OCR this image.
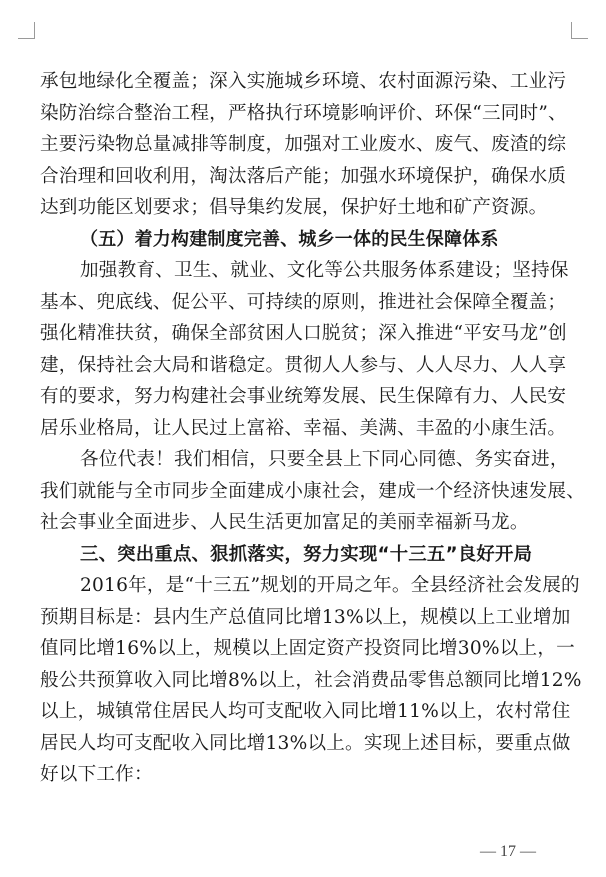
承包地绿化全覆盖；深入实施城乡环境、农村面源污染、工业污
染防治综合整治工程，严格执行环境影响评价、环保“三同时”、
主要污染物总量减排等制度，加强对工业废水、废气、废渣的综
合治理和回收利用，淘汰落后产能；加强水环境保护，确保水质
达到功能区划要求；倡导集约发展，保护好土地和矿产资源。
（五）着力构建制度完善、城乡一体的民生保障体系
加强教育、卫生、就业、文化等公共服务体系建设；坚持保
基本、兜底线、促公平、可持续的原则，推进社会保障全覆盖；
强化精准扶贫，确保全部贫困人口脱贫；深入推进“平安马龙”创
建，保持社会大局和谐稳定。贯彻人人参与、人人尽力、人人享
有的要求，努力构建社会事业统筹发展、民生保障有力、人民安
居乐业格局，让人民过上富裕、幸福、美满、丰盈的小康生活。
各位代表！我们相信，只要全县上下同心同德、务实奋进，
我们就能与全市同步全面建成小康社会，建成一个经济快速发展、
社会事业全面进步、人民生活更加富足的美丽幸福新马龙。
三、突出重点、狠抓落实，努力实现“十三五”良好开局
2016年，是“十三五”规划的开局之年。全县经济社会发展的
预期目标是：县内生产总值同比增13%以上，规模以上工业增加
值同比增16%以上，规模以上固定资产投资同比增30%以上，一
般公共预算收入同比增8%以上，社会消费品零售总额同比增12%
以上，城镇常住居民人均可支配收入同比增11%以上，农村常住
居民人均可支配收入同比增13%以上。实现上述目标，要重点做
好以下工作：
— 17 —
